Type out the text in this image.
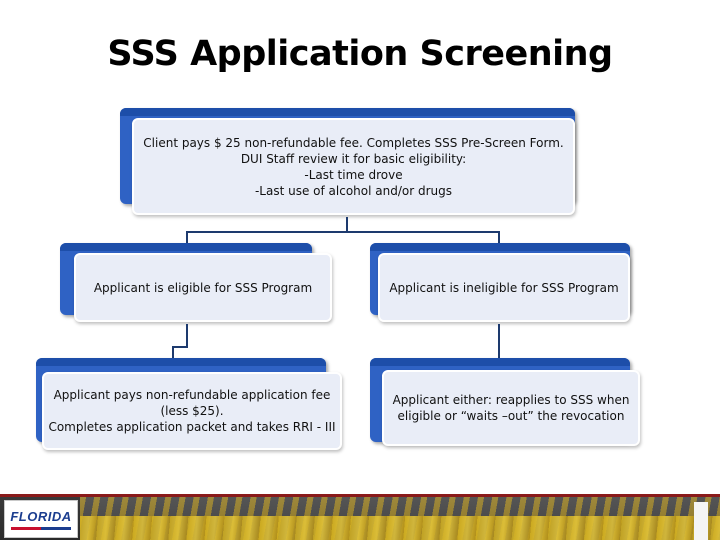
SSS Application Screening
Client pays $ 25 non-refundable fee. Completes SSS Pre-Screen Form.
DUI Staff review it for basic eligibility:
-Last time drove
-Last use of alcohol and/or drugs
Applicant is eligible for SSS Program	Applicant is ineligible for SSS Program
Applicant pays non-refundable application fee
(less $25).
Completes application packet and takes RRI - III
Applicant either: reapplies to SSS when
eligible or “waits –out” the revocation
FLORIDA
